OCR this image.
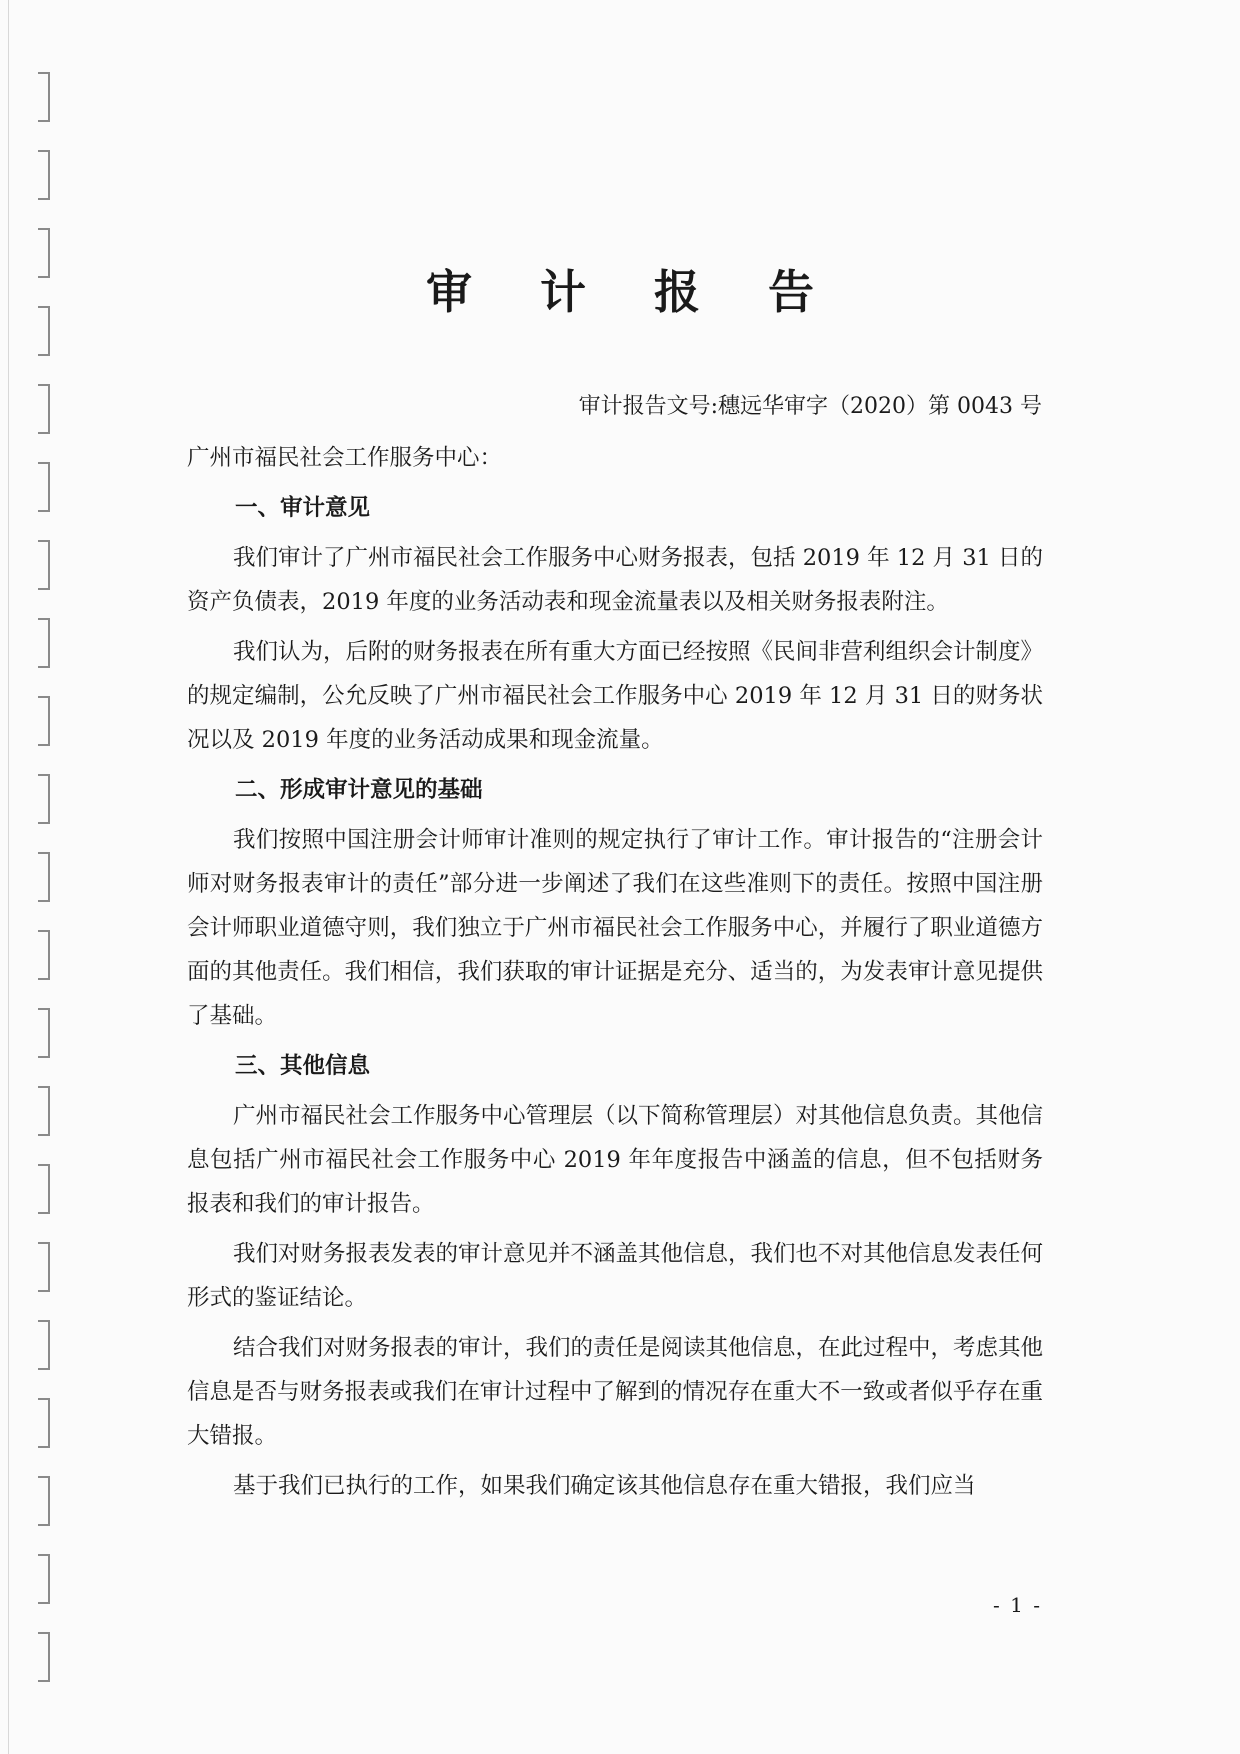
审 计 报 告
审计报告文号:穗远华审字（2020）第 0043 号

广州市福民社会工作服务中心：

一、审计意见

我们审计了广州市福民社会工作服务中心财务报表，包括 2019 年 12 月 31 日的资产负债表，2019 年度的业务活动表和现金流量表以及相关财务报表附注。

我们认为，后附的财务报表在所有重大方面已经按照《民间非营利组织会计制度》的规定编制，公允反映了广州市福民社会工作服务中心 2019 年 12 月 31 日的财务状况以及 2019 年度的业务活动成果和现金流量。

二、形成审计意见的基础

我们按照中国注册会计师审计准则的规定执行了审计工作。审计报告的“注册会计师对财务报表审计的责任”部分进一步阐述了我们在这些准则下的责任。按照中国注册会计师职业道德守则，我们独立于广州市福民社会工作服务中心，并履行了职业道德方面的其他责任。我们相信，我们获取的审计证据是充分、适当的，为发表审计意见提供了基础。

三、其他信息

广州市福民社会工作服务中心管理层（以下简称管理层）对其他信息负责。其他信息包括广州市福民社会工作服务中心 2019 年年度报告中涵盖的信息，但不包括财务报表和我们的审计报告。

我们对财务报表发表的审计意见并不涵盖其他信息，我们也不对其他信息发表任何形式的鉴证结论。

结合我们对财务报表的审计，我们的责任是阅读其他信息，在此过程中，考虑其他信息是否与财务报表或我们在审计过程中了解到的情况存在重大不一致或者似乎存在重大错报。

基于我们已执行的工作，如果我们确定该其他信息存在重大错报，我们应当

- 1 -
